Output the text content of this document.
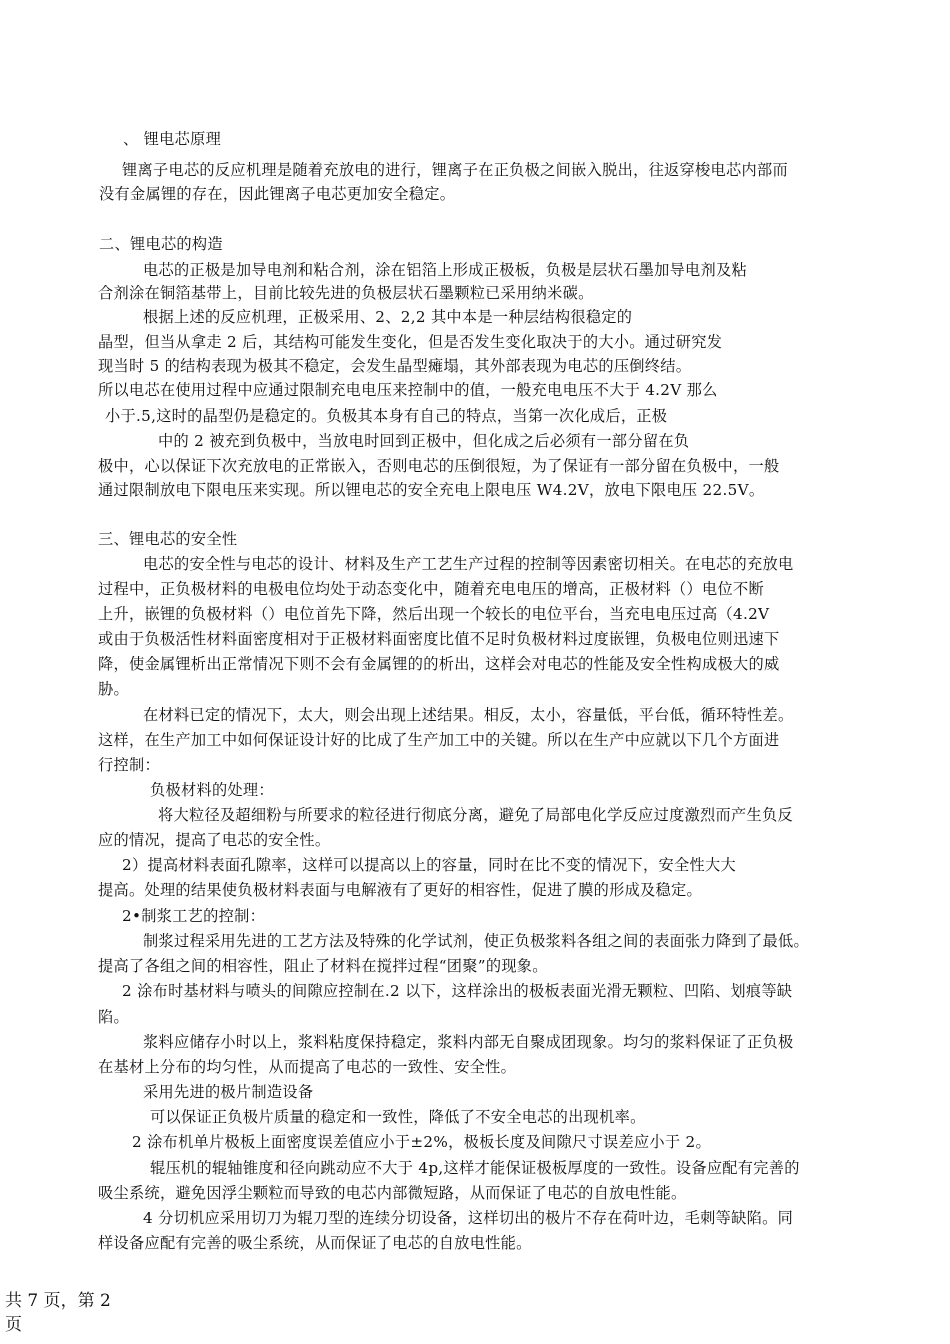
、 锂电芯原理
锂离子电芯的反应机理是随着充放电的进行，锂离子在正负极之间嵌入脱出，往返穿梭电芯内部而
没有金属锂的存在，因此锂离子电芯更加安全稳定。
二、锂电芯的构造
电芯的正极是加导电剂和粘合剂，涂在铝箔上形成正极板，负极是层状石墨加导电剂及粘
合剂涂在铜箔基带上，目前比较先进的负极层状石墨颗粒已采用纳米碳。
根据上述的反应机理，正极采用、2、2,2 其中本是一种层结构很稳定的
晶型，但当从拿走 2 后，其结构可能发生变化，但是否发生变化取决于的大小。通过研究发
现当时 5 的结构表现为极其不稳定，会发生晶型瘫塌，其外部表现为电芯的压倒终结。
所以电芯在使用过程中应通过限制充电电压来控制中的值，一般充电电压不大于 4.2V 那么
小于.5,这时的晶型仍是稳定的。负极其本身有自己的特点，当第一次化成后，正极
中的 2 被充到负极中，当放电时回到正极中，但化成之后必须有一部分留在负
极中，心以保证下次充放电的正常嵌入，否则电芯的压倒很短，为了保证有一部分留在负极中，一般
通过限制放电下限电压来实现。所以锂电芯的安全充电上限电压 W4.2V，放电下限电压 22.5V。
三、锂电芯的安全性
电芯的安全性与电芯的设计、材料及生产工艺生产过程的控制等因素密切相关。在电芯的充放电
过程中，正负极材料的电极电位均处于动态变化中，随着充电电压的增高，正极材料（）电位不断
上升，嵌锂的负极材料（）电位首先下降，然后出现一个较长的电位平台，当充电电压过高（4.2V
或由于负极活性材料面密度相对于正极材料面密度比值不足时负极材料过度嵌锂，负极电位则迅速下
降，使金属锂析出正常情况下则不会有金属锂的的析出，这样会对电芯的性能及安全性构成极大的威
胁。
在材料已定的情况下，太大，则会出现上述结果。相反，太小，容量低，平台低，循环特性差。
这样，在生产加工中如何保证设计好的比成了生产加工中的关键。所以在生产中应就以下几个方面进
行控制：
负极材料的处理：
将大粒径及超细粉与所要求的粒径进行彻底分离，避免了局部电化学反应过度激烈而产生负反
应的情况，提高了电芯的安全性。
2）提高材料表面孔隙率，这样可以提高以上的容量，同时在比不变的情况下，安全性大大
提高。处理的结果使负极材料表面与电解液有了更好的相容性，促进了膜的形成及稳定。
2•制浆工艺的控制：
制浆过程采用先进的工艺方法及特殊的化学试剂，使正负极浆料各组之间的表面张力降到了最低。
提高了各组之间的相容性，阻止了材料在搅拌过程“团聚”的现象。
2 涂布时基材料与喷头的间隙应控制在.2 以下，这样涂出的极板表面光滑无颗粒、凹陷、划痕等缺
陷。
浆料应储存小时以上，浆料粘度保持稳定，浆料内部无自聚成团现象。均匀的浆料保证了正负极
在基材上分布的均匀性，从而提高了电芯的一致性、安全性。
采用先进的极片制造设备
可以保证正负极片质量的稳定和一致性，降低了不安全电芯的出现机率。
2 涂布机单片极板上面密度误差值应小于±2%，极板长度及间隙尺寸误差应小于 2。
辊压机的辊轴锥度和径向跳动应不大于 4p,这样才能保证极板厚度的一致性。设备应配有完善的
吸尘系统，避免因浮尘颗粒而导致的电芯内部微短路，从而保证了电芯的自放电性能。
4 分切机应采用切刀为辊刀型的连续分切设备，这样切出的极片不存在荷叶边，毛刺等缺陷。同
样设备应配有完善的吸尘系统，从而保证了电芯的自放电性能。
共 7 页，第 2
页
